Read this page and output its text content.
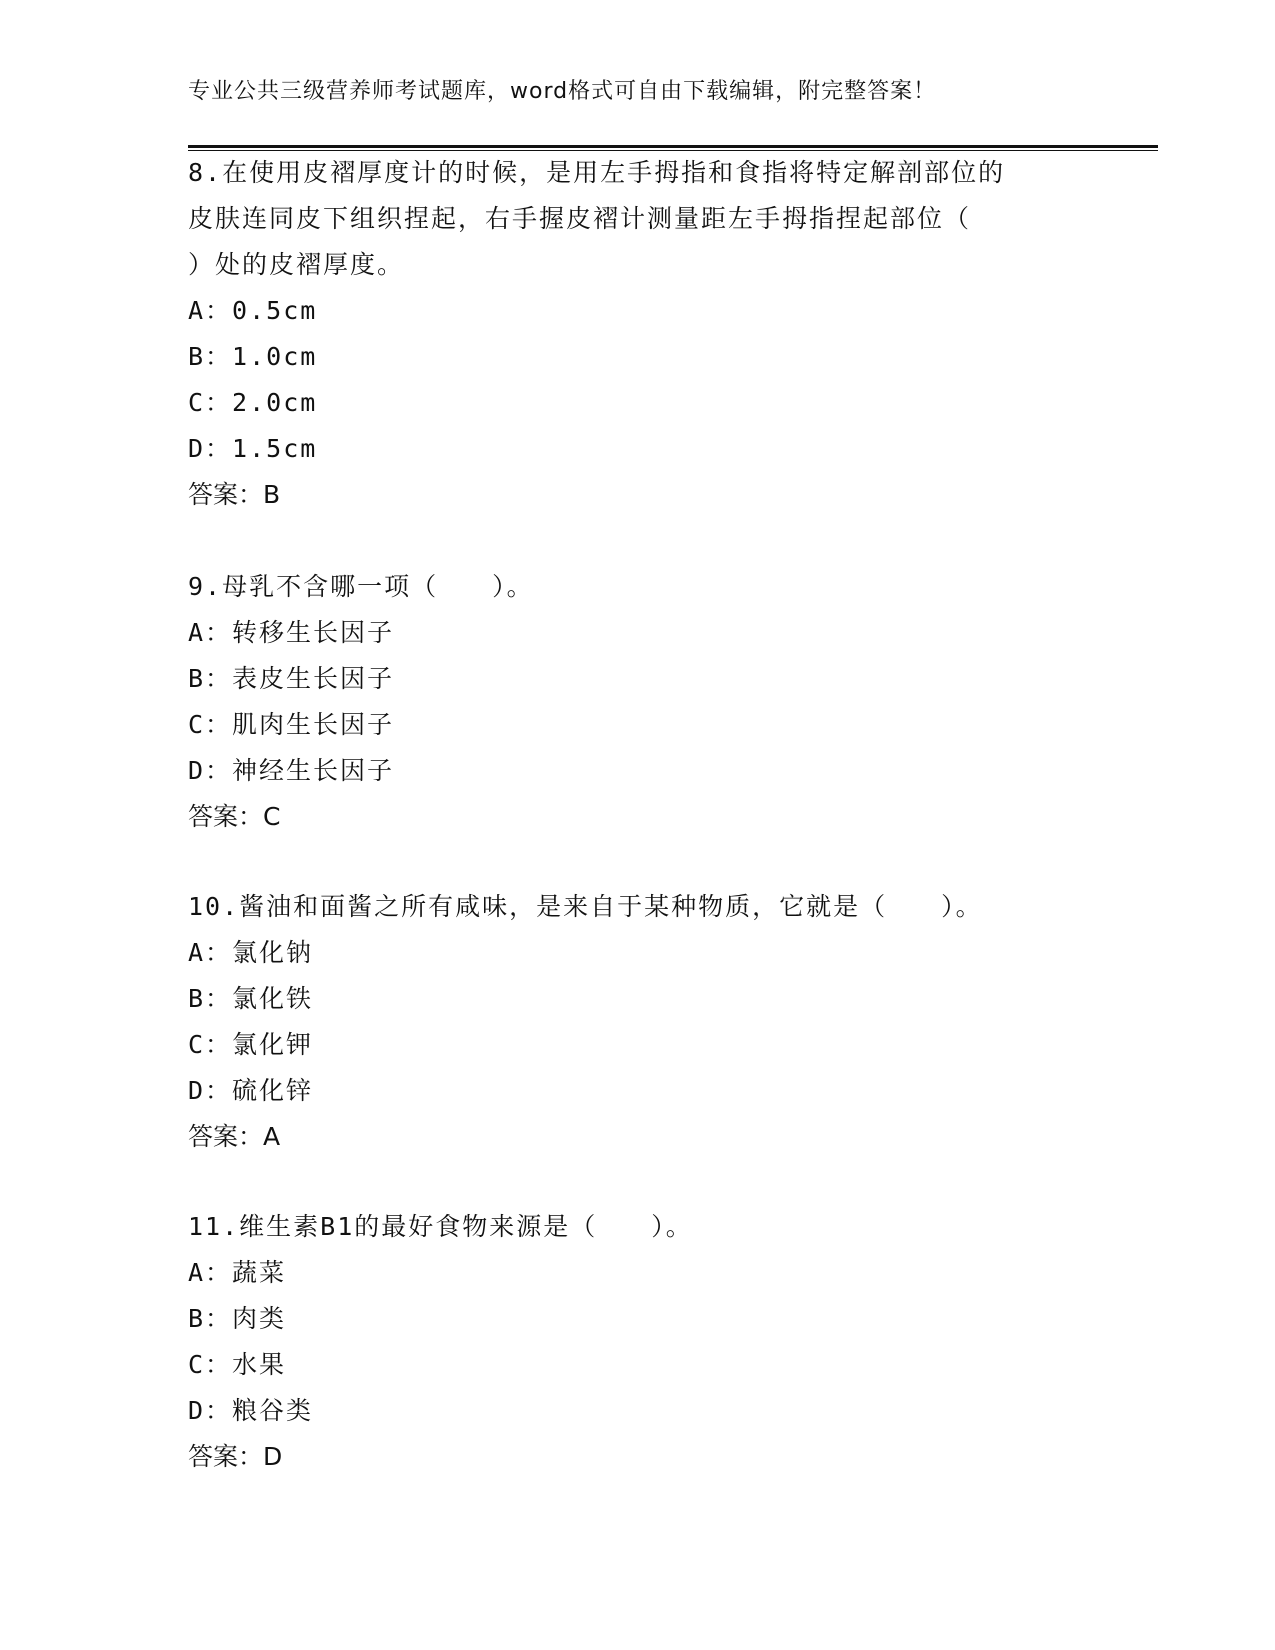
专业公共三级营养师考试题库，word格式可自由下载编辑，附完整答案！

8.在使用皮褶厚度计的时候，是用左手拇指和食指将特定解剖部位的

皮肤连同皮下组织捏起，右手握皮褶计测量距左手拇指捏起部位（

）处的皮褶厚度。

A：0.5cm

B：1.0cm

C：2.0cm

D：1.5cm

答案：B

9.母乳不含哪一项（　　）。

A：转移生长因子

B：表皮生长因子

C：肌肉生长因子

D：神经生长因子

答案：C

10.酱油和面酱之所有咸味，是来自于某种物质，它就是（　　）。

A：氯化钠

B：氯化铁

C：氯化钾

D：硫化锌

答案：A

11.维生素B1的最好食物来源是（　　）。

A：蔬菜

B：肉类

C：水果

D：粮谷类

答案：D
